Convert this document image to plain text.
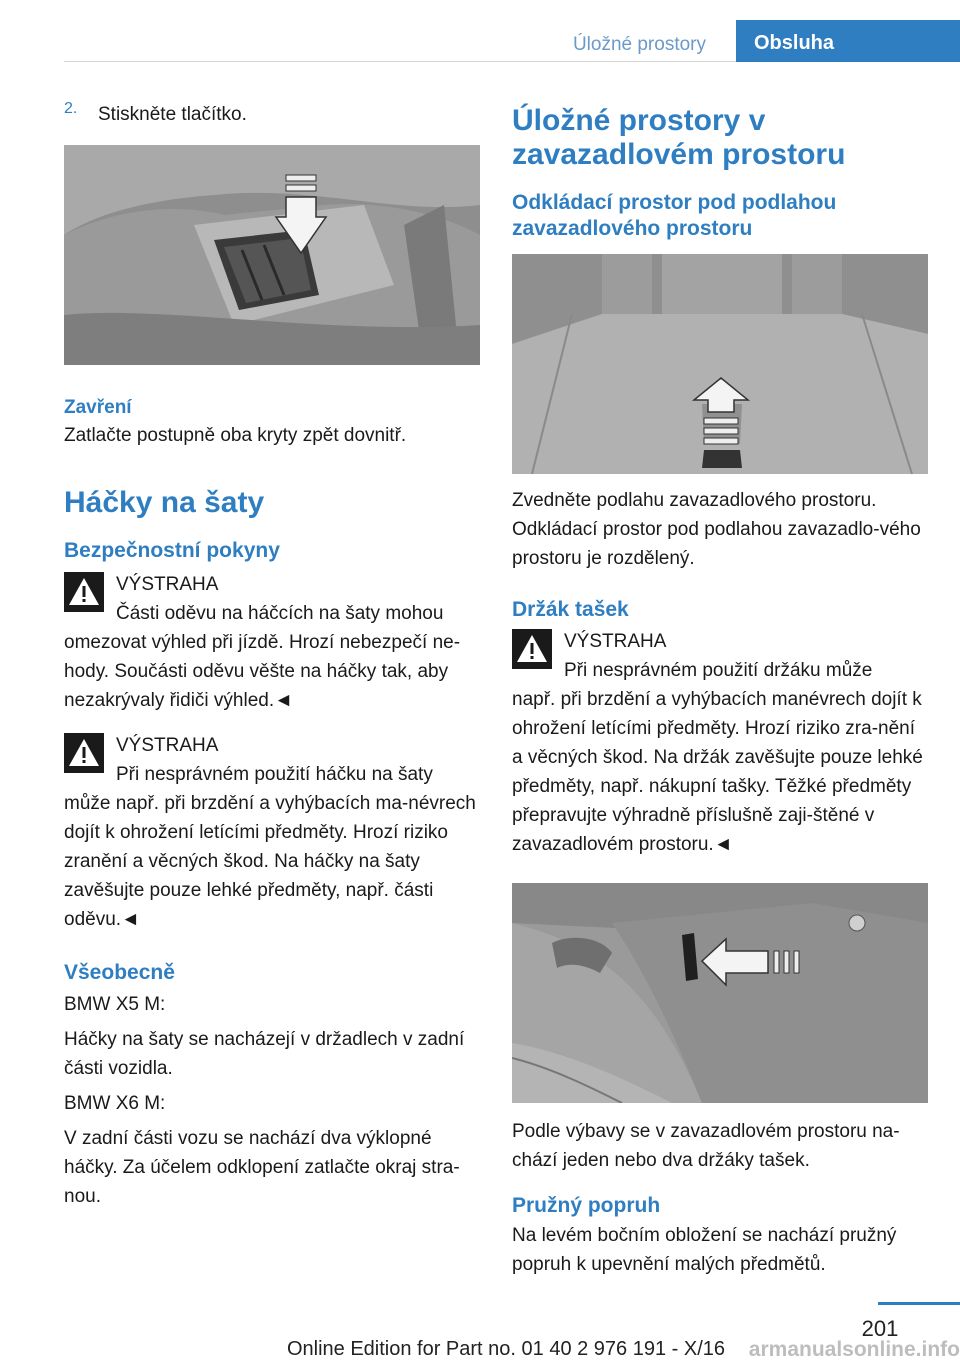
Úložné prostory	Obsluha
2.	Stiskněte tlačítko.

Zavření

Zatlačte postupně oba kryty zpět dovnitř.

Háčky na šaty
Bezpečnostní pokyny

VÝSTRAHA

Části oděvu na háčcích na šaty mohou

omezovat výhled při jízdě. Hrozí nebezpečí ne-hody. Součásti oděvu věšte na háčky tak, aby nezakrývaly řidiči výhled.◄

VÝSTRAHA

Při nesprávném použití háčku na šaty

může např. při brzdění a vyhýbacích ma-névrech dojít k ohrožení letícími předměty. Hrozí riziko zranění a věcných škod. Na háčky na šaty zavěšujte pouze lehké předměty, např. části oděvu.◄

Všeobecně

BMW X5 M:

Háčky na šaty se nacházejí v držadlech v zadní části vozidla.

BMW X6 M:

V zadní části vozu se nachází dva výklopné háčky. Za účelem odklopení zatlačte okraj stra-nou.

Úložné prostory v zavazadlovém prostoru
Odkládací prostor pod podlahou zavazadlového prostoru

Zvedněte podlahu zavazadlového prostoru. Odkládací prostor pod podlahou zavazadlo-vého prostoru je rozdělený.

Držák tašek

VÝSTRAHA

Při nesprávném použití držáku může

např. při brzdění a vyhýbacích manévrech dojít k ohrožení letícími předměty. Hrozí riziko zra-nění a věcných škod. Na držák zavěšujte pouze lehké předměty, např. nákupní tašky. Těžké předměty přepravujte výhradně příslušně zaji-štěné v zavazadlovém prostoru.◄

Podle výbavy se v zavazadlovém prostoru na-chází jeden nebo dva držáky tašek.

Pružný popruh

Na levém bočním obložení se nachází pružný popruh k upevnění malých předmětů.

201
Online Edition for Part no. 01 40 2 976 191 - X/16	armanualsonline.info
